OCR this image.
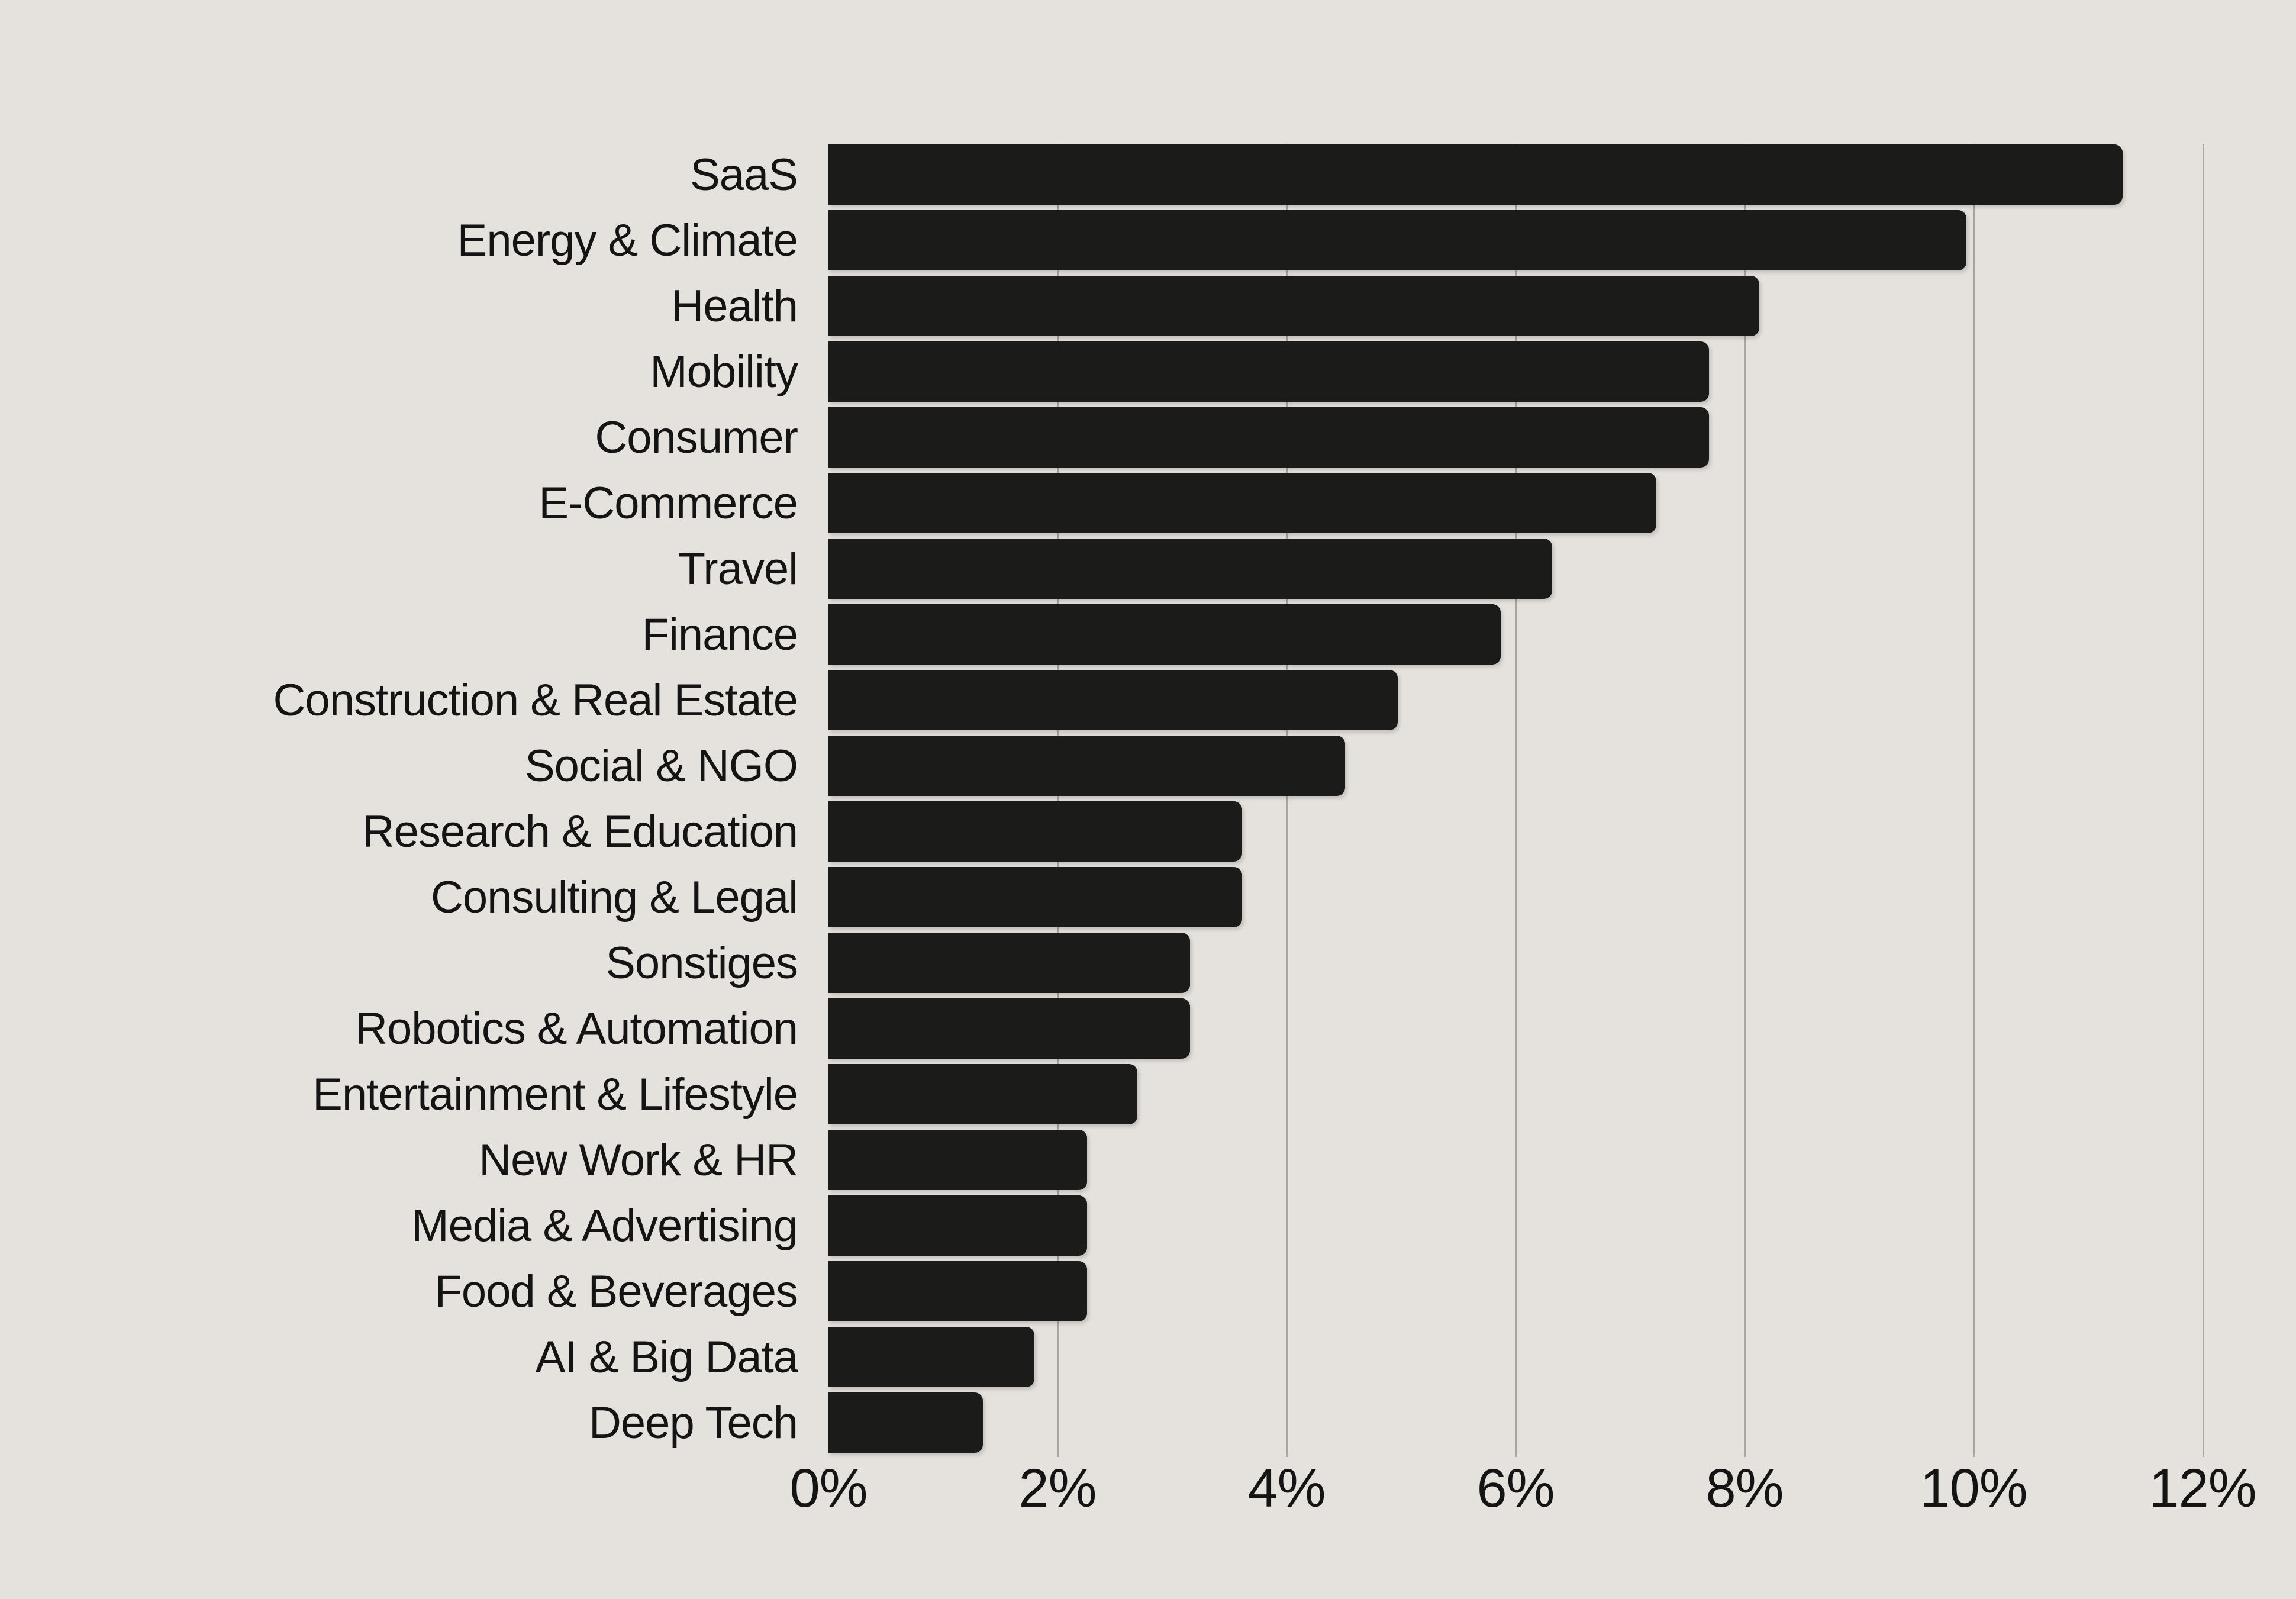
SaaS
Energy & Climate
Health
Mobility
Consumer
E-Commerce
Travel
Finance
Construction & Real Estate
Social & NGO
Research & Education
Consulting & Legal
Sonstiges
Robotics & Automation
Entertainment & Lifestyle
New Work & HR
Media & Advertising
Food & Beverages
AI & Big Data
Deep Tech
0%	2%	4%	6%	8%	10% 12%
